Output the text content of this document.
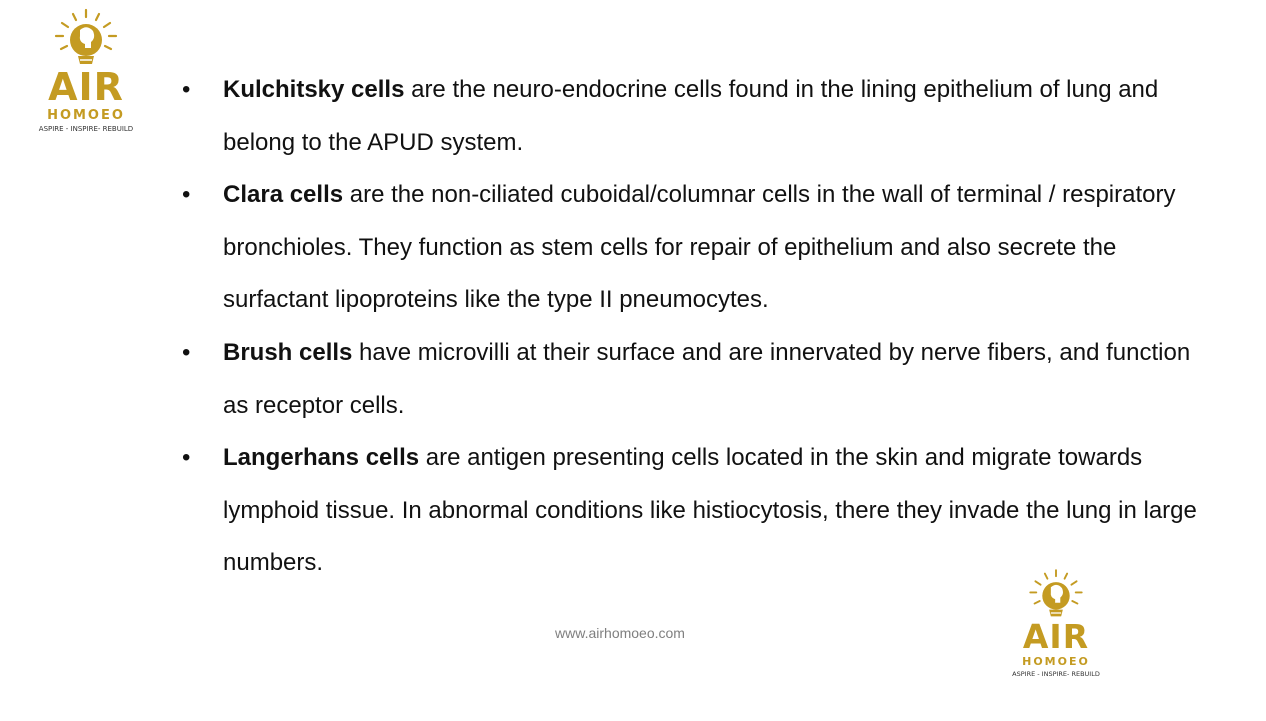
AIR
HOMOEO
ASPIRE - INSPIRE- REBUILD
• Kulchitsky cells are the neuro-endocrine cells found in the lining epithelium of lung and belong to the APUD system.
• Clara cells are the non-ciliated cuboidal/columnar cells in the wall of terminal / respiratory bronchioles. They function as stem cells for repair of epithelium and also secrete the surfactant lipoproteins like the type II pneumocytes.
• Brush cells have microvilli at their surface and are innervated by nerve fibers, and function as receptor cells.
• Langerhans cells are antigen presenting cells located in the skin and migrate towards lymphoid tissue. In abnormal conditions like histiocytosis, there they invade the lung in large numbers.
www.airhomoeo.com	AIR
HOMOEO
ASPIRE - INSPIRE- REBUILD
